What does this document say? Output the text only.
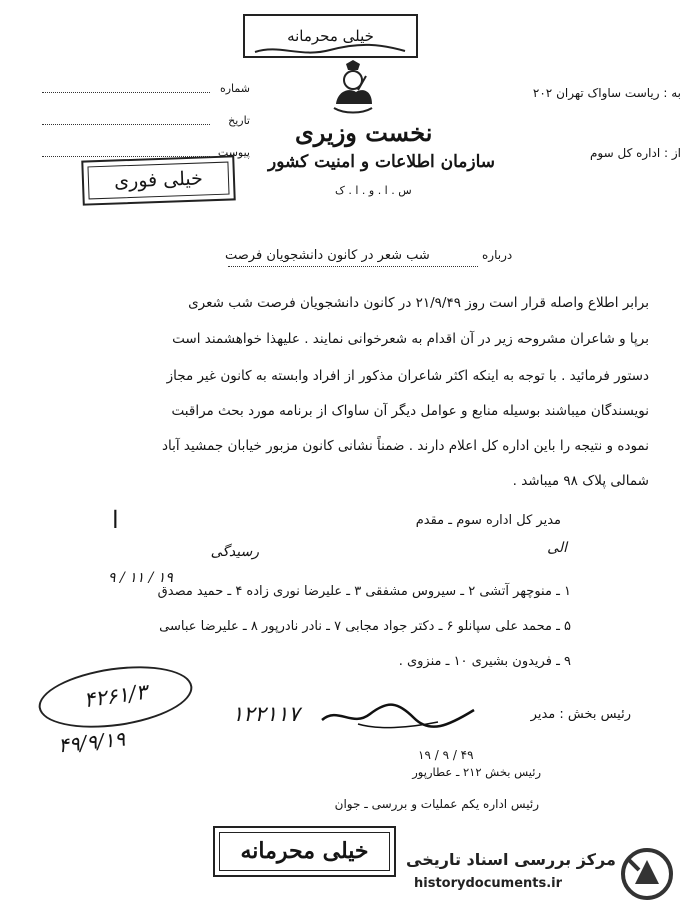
خیلی محرمانه
شماره
تاریخ
پیوست
نخست وزیری
سازمان اطلاعات و امنیت کشور
س . ا . و . ا . ک
به : ریاست ساواک تهران ۲۰۲
از : اداره کل سوم
خیلی فوری
درباره
شب شعر در کانون دانشجویان فرصت
برابر اطلاع واصله قرار است روز ۲۱/۹/۴۹ در کانون دانشجویان فرصت شب شعری
برپا و شاعران مشروحه زیر در آن اقدام به شعرخوانی نمایند . علیهذا خواهشمند است
دستور فرمائید . با توجه به اینکه اکثر شاعران مذکور از افراد وابسته به کانون غیر مجاز
نویسندگان میباشند بوسیله منابع و عوامل دیگر آن ساواک از برنامه مورد بحث مراقبت
نموده و نتیجه را باین اداره کل اعلام دارند . ضمناً نشانی کانون مزبور خیابان جمشید آباد
شمالی پلاک ۹۸ میباشد .
مدیر کل اداره سوم ـ مقدم
ا
رسیدگی	الی
۹ / ۱۱ / ۱۹
۱ ـ منوچهر آتشی ۲ ـ سیروس مشفقی ۳ ـ علیرضا نوری زاده ۴ ـ حمید مصدق
۵ ـ محمد علی سپانلو ۶ ـ دکتر جواد مجابی ۷ ـ نادر نادرپور ۸ ـ علیرضا عباسی
۹ ـ فریدون بشیری ۱۰ ـ منزوی .
۴۲۶۱/۳
۴۹/۹/۱۹
۱۲۲۱۱۷	رئیس بخش : مدیر
۱۹ / ۹ / ۴۹
رئیس بخش ۲۱۲ ـ عطارپور
رئیس اداره یکم عملیات و بررسی ـ جوان
خیلی محرمانه	مرکز بررسی اسناد تاریخی
historydocuments.ir
